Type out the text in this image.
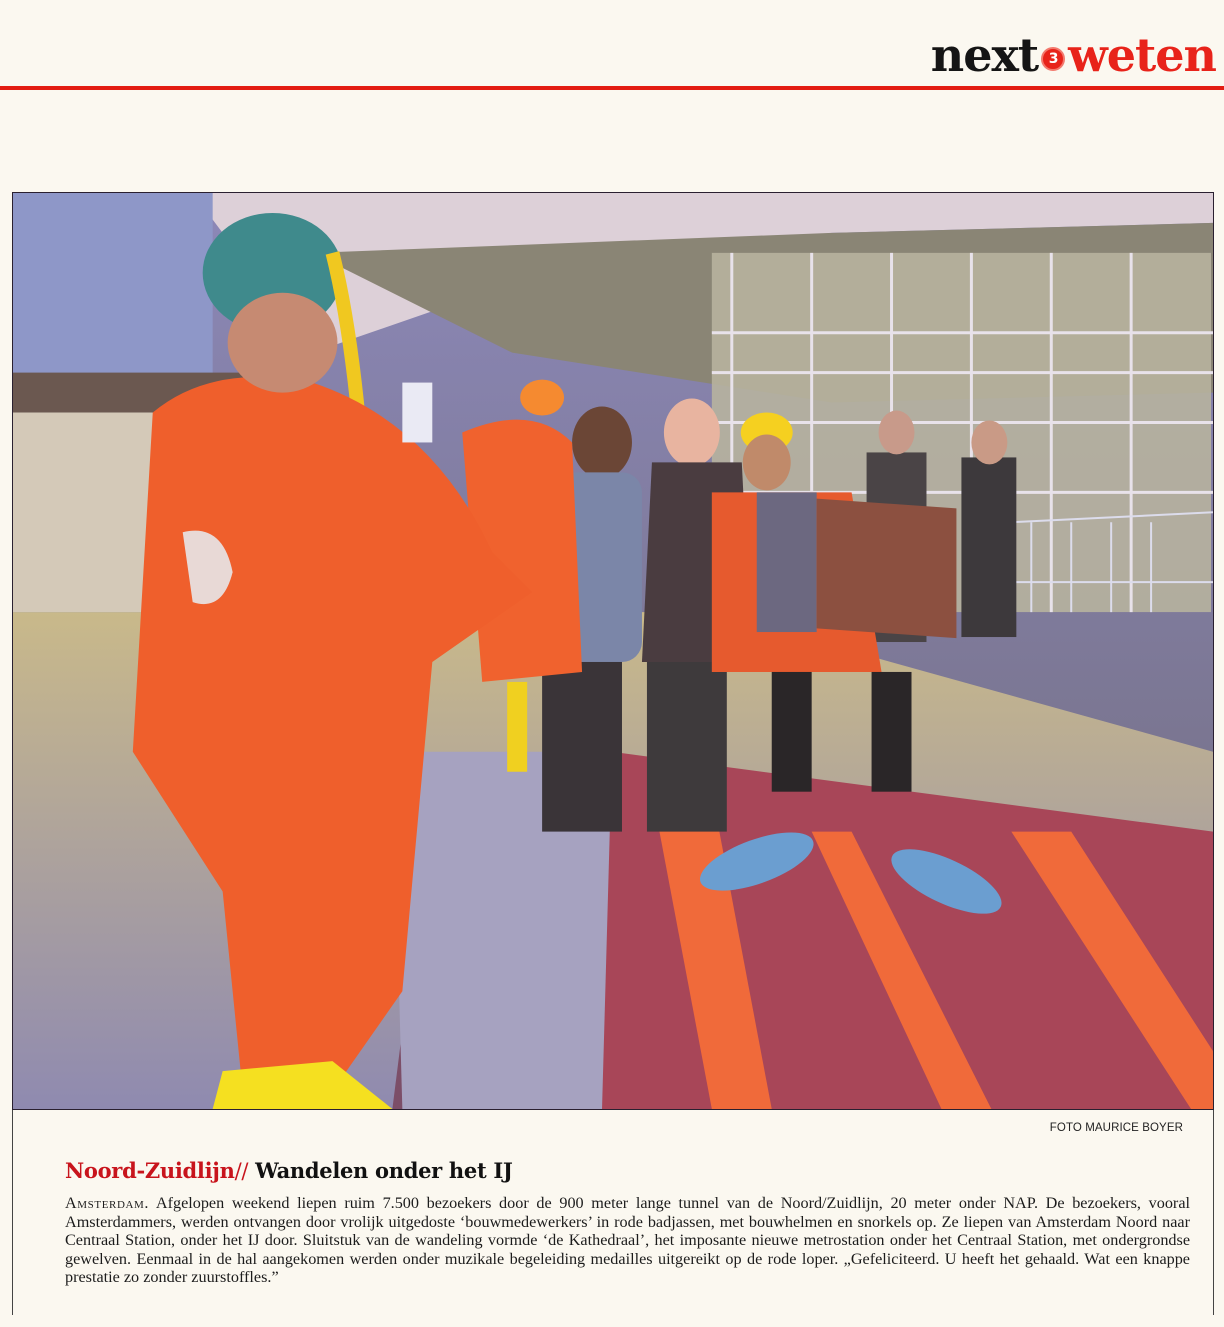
next 3 weten
FOTO MAURICE BOYER
Noord-Zuidlijn// Wandelen onder het IJ
Amsterdam. Afgelopen weekend liepen ruim 7.500 bezoekers door de 900 meter lange tunnel van de Noord/Zuidlijn, 20 meter onder NAP. De bezoekers, vooral Amsterdammers, werden ontvangen door vrolijk uitgedoste ‘bouwmedewerkers’ in rode badjassen, met bouwhelmen en snorkels op. Ze liepen van Amsterdam Noord naar Centraal Station, onder het IJ door. Sluitstuk van de wandeling vormde ‘de Kathedraal’, het imposante nieuwe metrostation onder het Centraal Station, met ondergrondse gewelven. Eenmaal in de hal aangekomen werden onder muzikale begeleiding medailles uitgereikt op de rode loper. „Gefeliciteerd. U heeft het gehaald. Wat een knappe prestatie zo zonder zuurstoffles.”
